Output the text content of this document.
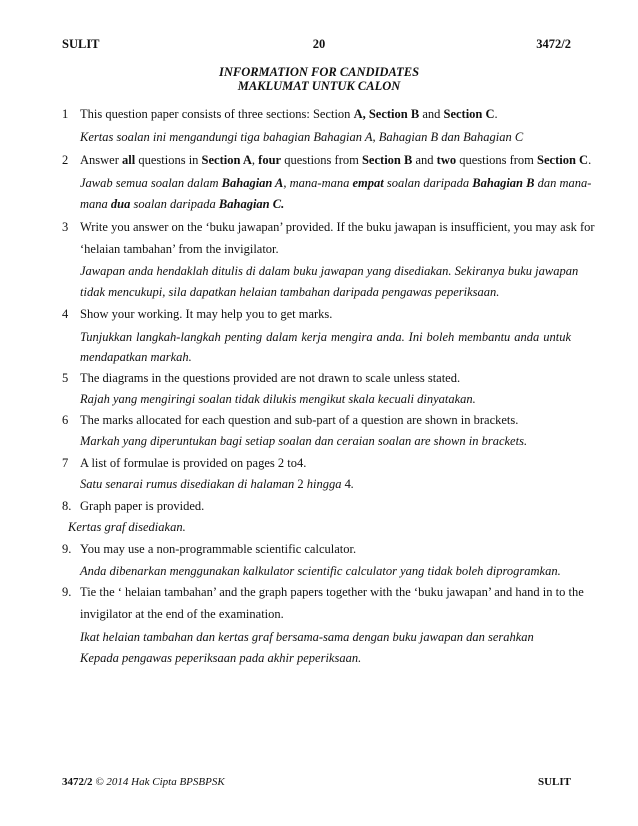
SULIT	20	3472/2
INFORMATION FOR CANDIDATES
MAKLUMAT UNTUK CALON
1 This question paper consists of three sections: Section A, Section B and Section C.
Kertas soalan ini mengandungi tiga bahagian Bahagian A, Bahagian B dan Bahagian C
2 Answer all questions in Section A, four questions from Section B and two questions from Section C.
Jawab semua soalan dalam Bahagian A, mana-mana empat soalan daripada Bahagian B dan mana-
mana dua soalan daripada Bahagian C.
3 Write you answer on the ‘buku jawapan’ provided. If the buku jawapan is insufficient, you may ask for
‘helaian tambahan’ from the invigilator.
Jawapan anda hendaklah ditulis di dalam buku jawapan yang disediakan. Sekiranya buku jawapan
tidak mencukupi, sila dapatkan helaian tambahan daripada pengawas peperiksaan.
4 Show your working. It may help you to get marks.
Tunjukkan langkah-langkah penting dalam kerja mengira anda. Ini boleh membantu anda untuk
mendapatkan markah.
5 The diagrams in the questions provided are not drawn to scale unless stated.
Rajah yang mengiringi soalan tidak dilukis mengikut skala kecuali dinyatakan.
6 The marks allocated for each question and sub-part of a question are shown in brackets.
Markah yang diperuntukan bagi setiap soalan dan ceraian soalan are shown in brackets.
7 A list of formulae is provided on pages 2 to4.
Satu senarai rumus disediakan di halaman 2 hingga 4.
8. Graph paper is provided.
Kertas graf disediakan.
9. You may use a non-programmable scientific calculator.
Anda dibenarkan menggunakan kalkulator scientific calculator yang tidak boleh diprogramkan.
9. Tie the ‘ helaian tambahan’ and the graph papers together with the ‘buku jawapan’ and hand in to the
invigilator at the end of the examination.
Ikat helaian tambahan dan kertas graf bersama-sama dengan buku jawapan dan serahkan
Kepada pengawas peperiksaan pada akhir peperiksaan.
3472/2 © 2014 Hak Cipta BPSBPSK	SULIT
